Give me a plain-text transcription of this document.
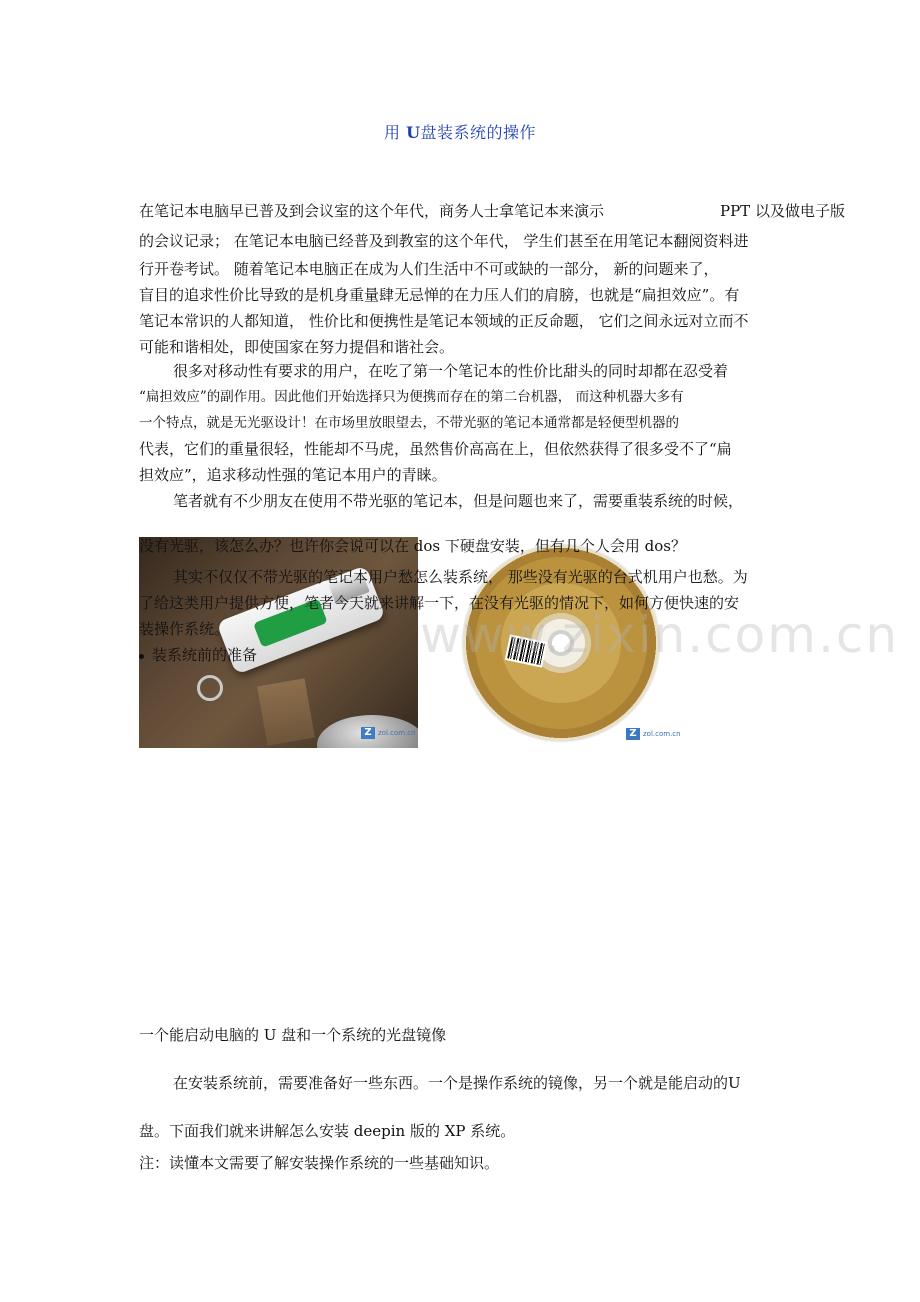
用 U盘装系统的操作
在笔记本电脑早已普及到会议室的这个年代，商务人士拿笔记本来演示	PPT 以及做电子版
的会议记录； 在笔记本电脑已经普及到教室的这个年代， 学生们甚至在用笔记本翻阅资料进
行开卷考试。 随着笔记本电脑正在成为人们生活中不可或缺的一部分， 新的问题来了，
盲目的追求性价比导致的是机身重量肆无忌惮的在力压人们的肩膀，也就是“扁担效应”。有
笔记本常识的人都知道， 性价比和便携性是笔记本领域的正反命题， 它们之间永远对立而不
可能和谐相处，即使国家在努力提倡和谐社会。
很多对移动性有要求的用户，在吃了第一个笔记本的性价比甜头的同时却都在忍受着
“扁担效应”的副作用。因此他们开始选择只为便携而存在的第二台机器， 而这种机器大多有
一个特点，就是无光驱设计！在市场里放眼望去，不带光驱的笔记本通常都是轻便型机器的
代表，它们的重量很轻，性能却不马虎，虽然售价高高在上，但依然获得了很多受不了“扁
担效应”，追求移动性强的笔记本用户的青睐。
笔者就有不少朋友在使用不带光驱的笔记本，但是问题也来了，需要重装系统的时候，
Z zol.com.cn	Z zol.com.cn
www.zixin.com.cn
没有光驱，该怎么办？也许你会说可以在 dos 下硬盘安装，但有几个人会用 dos？
其实不仅仅不带光驱的笔记本用户愁怎么装系统， 那些没有光驱的台式机用户也愁。为
了给这类用户提供方便，笔者今天就来讲解一下，在没有光驱的情况下，如何方便快速的安
装操作系统。
装系统前的准备
一个能启动电脑的 U 盘和一个系统的光盘镜像
在安装系统前，需要准备好一些东西。一个是操作系统的镜像，另一个就是能启动的U
盘。下面我们就来讲解怎么安装 deepin 版的 XP 系统。
注：读懂本文需要了解安装操作系统的一些基础知识。
